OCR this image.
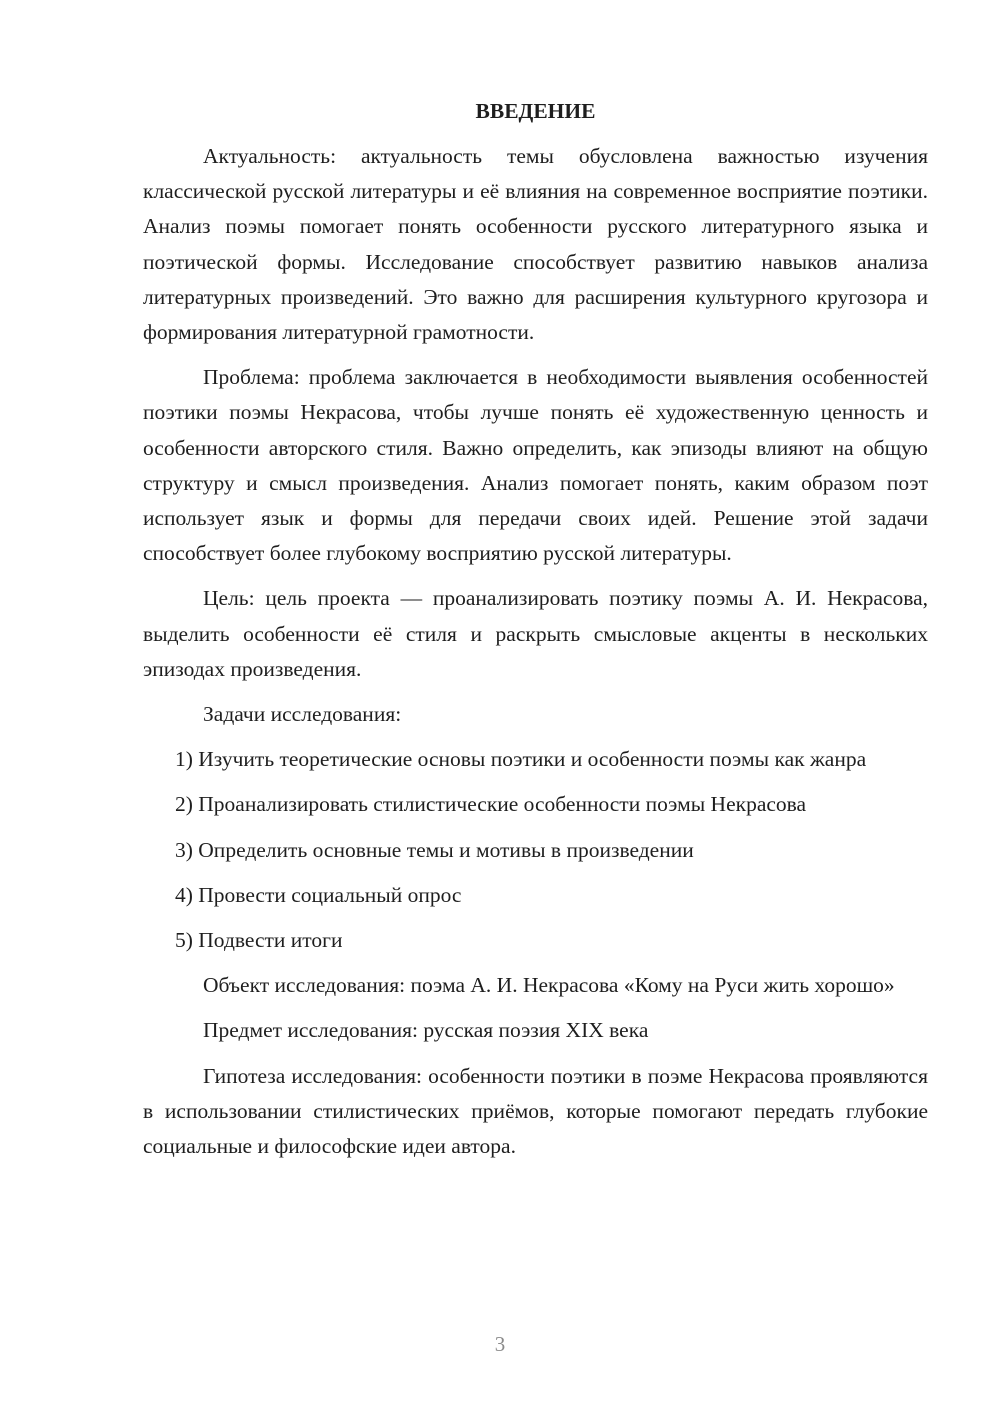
ВВЕДЕНИЕ

Актуальность: актуальность темы обусловлена важностью изучения классической русской литературы и её влияния на современное восприятие поэтики. Анализ поэмы помогает понять особенности русского литературного языка и поэтической формы. Исследование способствует развитию навыков анализа литературных произведений. Это важно для расширения культурного кругозора и формирования литературной грамотности.

Проблема: проблема заключается в необходимости выявления особенностей поэтики поэмы Некрасова, чтобы лучше понять её художественную ценность и особенности авторского стиля. Важно определить, как эпизоды влияют на общую структуру и смысл произведения. Анализ помогает понять, каким образом поэт использует язык и формы для передачи своих идей. Решение этой задачи способствует более глубокому восприятию русской литературы.

Цель: цель проекта — проанализировать поэтику поэмы А. И. Некрасова, выделить особенности её стиля и раскрыть смысловые акценты в нескольких эпизодах произведения.

Задачи исследования:

1) Изучить теоретические основы поэтики и особенности поэмы как жанра

2) Проанализировать стилистические особенности поэмы Некрасова

3) Определить основные темы и мотивы в произведении

4) Провести социальный опрос

5) Подвести итоги

Объект исследования: поэма А. И. Некрасова «Кому на Руси жить хорошо»

Предмет исследования: русская поэзия XIX века

Гипотеза исследования: особенности поэтики в поэме Некрасова проявляются в использовании стилистических приёмов, которые помогают передать глубокие социальные и философские идеи автора.

3
